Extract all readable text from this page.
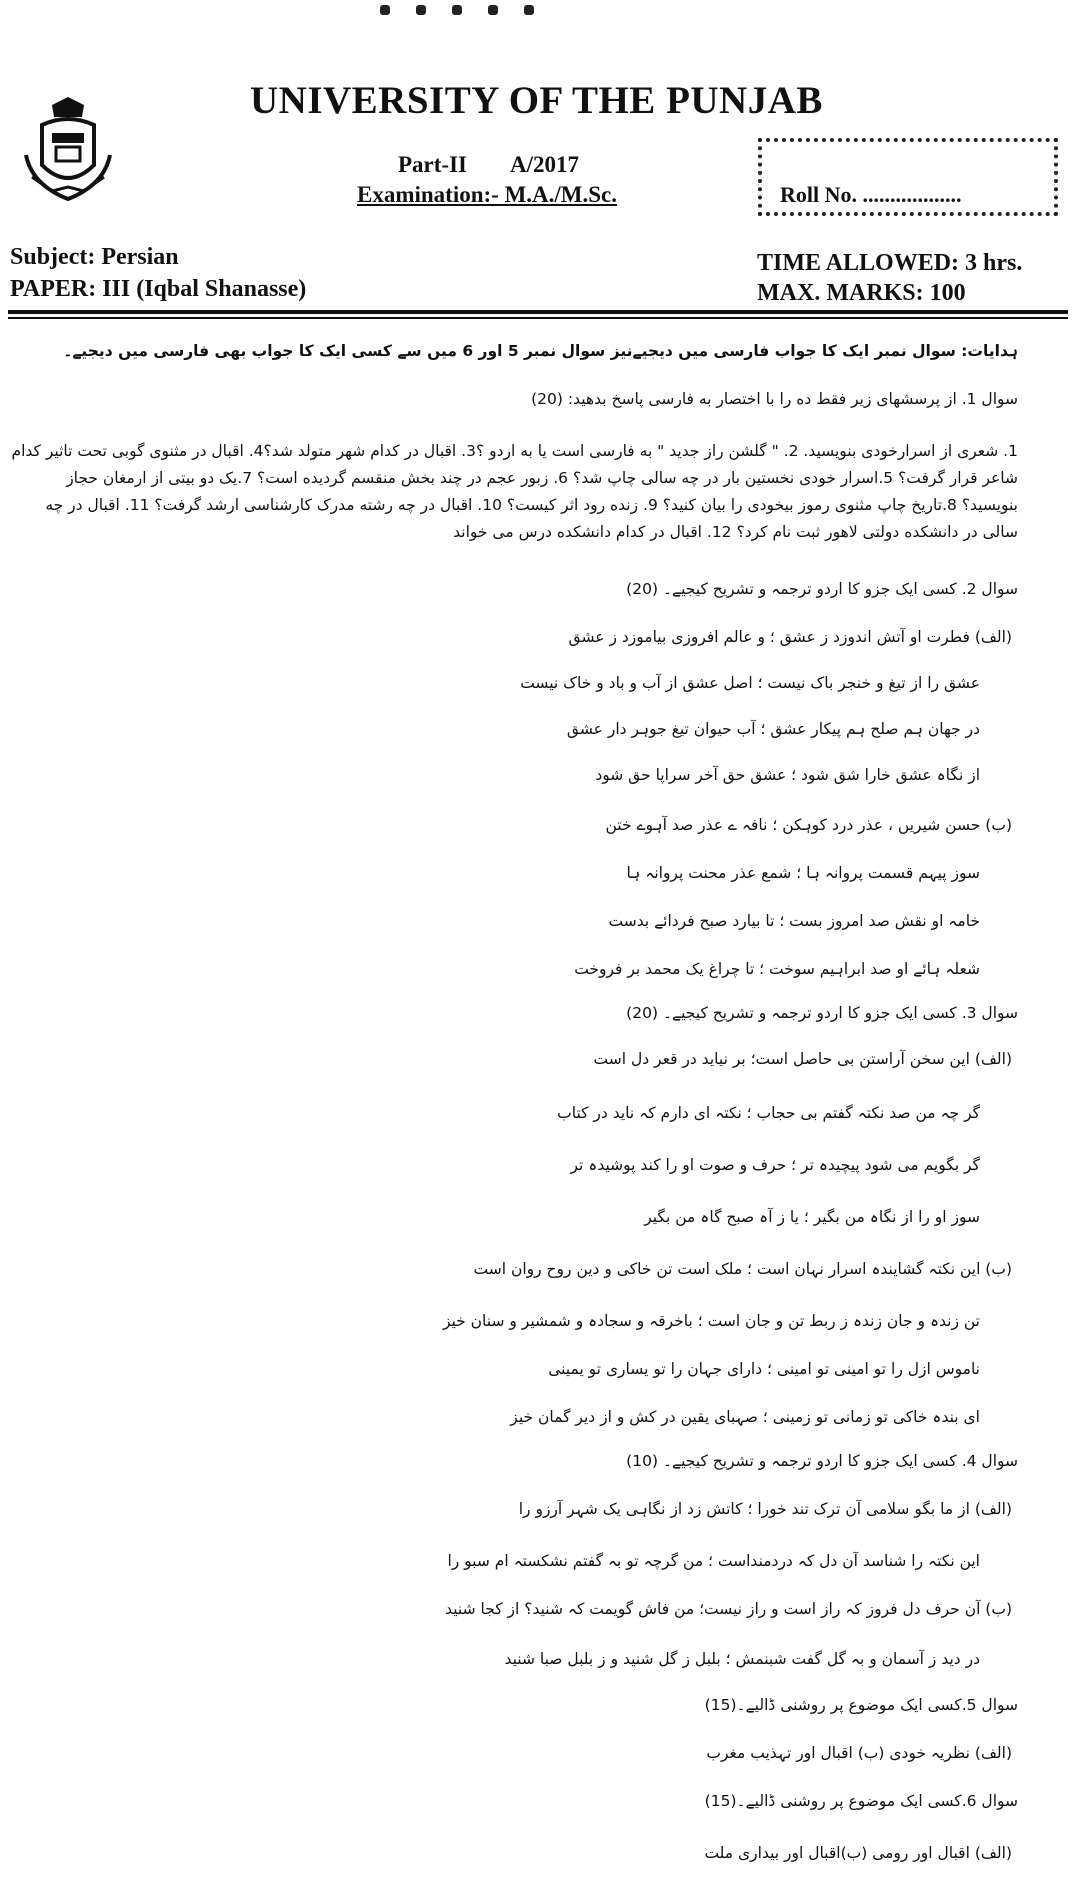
UNIVERSITY OF THE PUNJAB
Part-II A/2017
Examination:- M.A./M.Sc.	Roll No. ..................
Subject: Persian
PAPER: III (Iqbal Shanasse)
TIME ALLOWED: 3 hrs.
MAX. MARKS: 100
ہدایات: سوال نمبر ایک کا جواب فارسی میں دیجیےنیز سوال نمبر 5 اور 6 میں سے کسی ایک کا جواب بھی فارسی میں دیجیے۔
سوال 1. از پرسشهای زیر فقط ده را با اختصار به فارسی پاسخ بدهید: (20)
1. شعری از اسرارخودی بنویسید. 2. " گلشن راز جدید " به فارسی است یا به اردو ؟3. اقبال در کدام شهر متولد شد؟4. اقبال در مثنوی گوبی تحت تاثیر کدام شاعر قرار گرفت؟ 5.اسرار خودی نخستین بار در چه سالی چاپ شد؟ 6. زبور عجم در چند بخش منقسم گردیده است؟ 7.یک دو بیتی از ارمغان حجاز بنویسید؟ 8.تاریخ چاپ مثنوی رموز بیخودی را بیان کنید؟ 9. زنده رود اثر کیست؟ 10. اقبال در چه رشته مدرک کارشناسی ارشد گرفت؟ 11. اقبال در چه سالی در دانشکده دولتی لاهور ثبت نام کرد؟ 12. اقبال در کدام دانشکده درس می خواند
سوال 2. کسی ایک جزو کا اردو ترجمہ و تشریح کیجیے۔ (20)
(الف) فطرت او آتش اندوزد ز عشق ؛ و عالم افروزی بیاموزد ز عشق
عشق را از تیغ و خنجر باک نیست ؛ اصل عشق از آب و باد و خاک نیست
در جهان ہم صلح ہم پیکار عشق ؛ آب حیوان تیغ جوہر دار عشق
از نگاہ عشق خارا شق شود ؛ عشق حق آخر سراپا حق شود
(ب) حسن شیریں ، عذر درد کوہکن ؛ نافہ ے عذر صد آہوے ختن
سوز پیہم قسمت پروانہ ہا ؛ شمع عذر محنت پروانہ ہا
خامہ او نقش صد امروز بست ؛ تا بیارد صبح فردائے بدست
شعلہ ہائے او صد ابراہیم سوخت ؛ تا چراغ یک محمد بر فروخت
سوال 3. کسی ایک جزو کا اردو ترجمہ و تشریح کیجیے۔ (20)
(الف) این سخن آراستن بی حاصل است؛ بر نیاید در قعر دل است
گر چہ من صد نکتہ گفتم بی حجاب ؛ نکتہ ای دارم کہ ناید در کتاب
گر بگویم می شود پیچیدہ تر ؛ حرف و صوت او را کند پوشیدہ تر
سوز او را از نگاہ من بگیر ؛ یا ز آہ صبح گاہ من بگیر
(ب) این نکتہ گشایندہ اسرار نہان است ؛ ملک است تن خاکی و دین روح روان است
تن زندہ و جان زندہ ز ربط تن و جان است ؛ باخرقہ و سجادہ و شمشیر و سنان خیز
ناموس ازل را تو امینی تو امینی ؛ دارای جہان را تو یساری تو یمینی
ای بندہ خاکی تو زمانی تو زمینی ؛ صہبای یقین در کش و از دیر گمان خیز
سوال 4. کسی ایک جزو کا اردو ترجمہ و تشریح کیجیے۔ (10)
(الف) از ما بگو سلامی آن ترک تند خورا ؛ کاتش زد از نگاہی یک شہر آرزو را
این نکتہ را شناسد آن دل کہ دردمنداست ؛ من گرچہ تو بہ گفتم نشکستہ ام سبو را
(ب) آن حرف دل فروز کہ راز است و راز نیست؛ من فاش گویمت کہ شنید؟ از کجا شنید
در دید ز آسمان و بہ گل گفت شبنمش ؛ بلبل ز گل شنید و ز بلبل صبا شنید
سوال 5.کسی ایک موضوع پر روشنی ڈالیے۔(15)
(الف) نظریہ خودی (ب) اقبال اور تہذیب مغرب
سوال 6.کسی ایک موضوع پر روشنی ڈالیے۔(15)
(الف) اقبال اور رومی (ب)اقبال اور بیداری ملت
